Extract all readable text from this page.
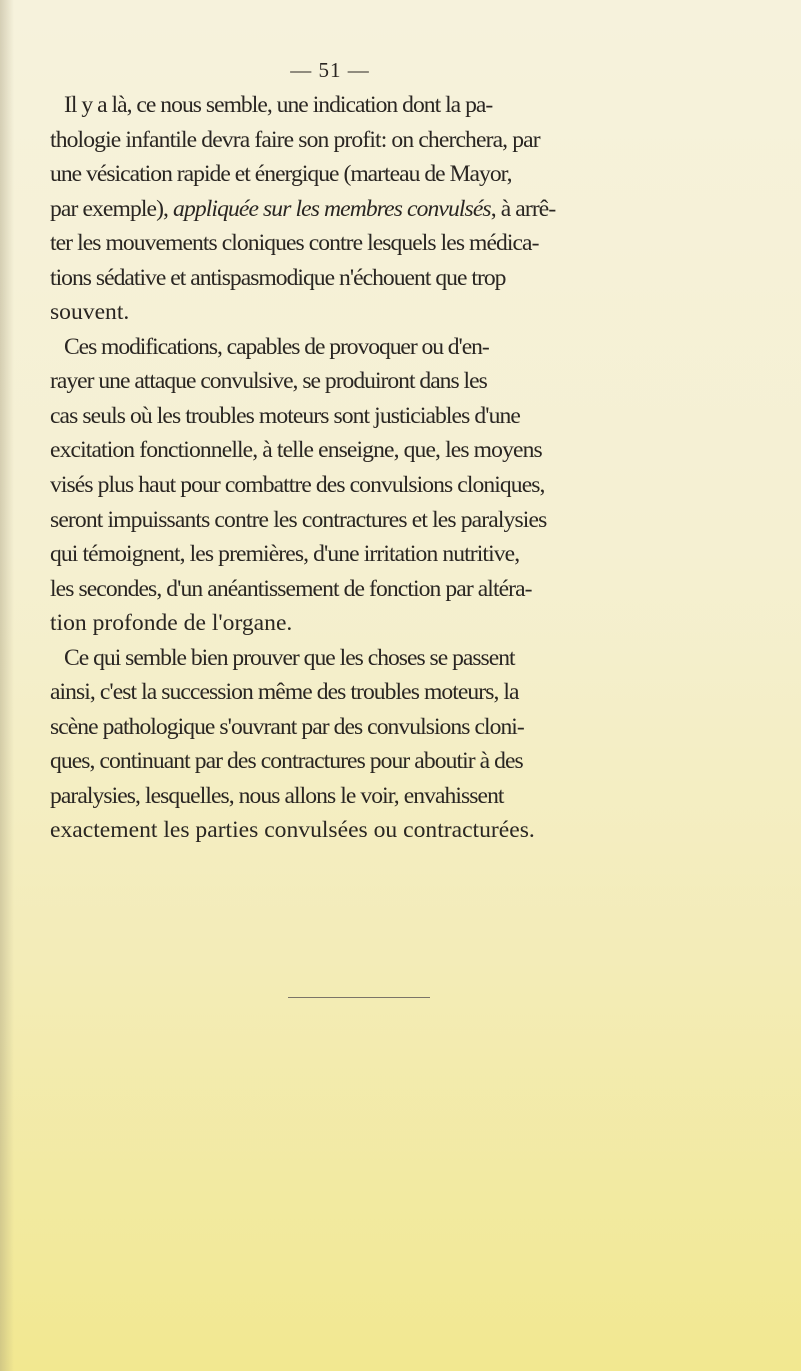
— 51 —
Il y a là, ce nous semble, une indication dont la pa-
thologie infantile devra faire son profit: on cherchera, par
une vésication rapide et énergique (marteau de Mayor,
par exemple), appliquée sur les membres convulsés, à arrê-
ter les mouvements cloniques contre lesquels les médica-
tions sédative et antispasmodique n'échouent que trop
souvent.
Ces modifications, capables de provoquer ou d'en-
rayer une attaque convulsive, se produiront dans les
cas seuls où les troubles moteurs sont justiciables d'une
excitation fonctionnelle, à telle enseigne, que, les moyens
visés plus haut pour combattre des convulsions cloniques,
seront impuissants contre les contractures et les paralysies
qui témoignent, les premières, d'une irritation nutritive,
les secondes, d'un anéantissement de fonction par altéra-
tion profonde de l'organe.
Ce qui semble bien prouver que les choses se passent
ainsi, c'est la succession même des troubles moteurs, la
scène pathologique s'ouvrant par des convulsions cloni-
ques, continuant par des contractures pour aboutir à des
paralysies, lesquelles, nous allons le voir, envahissent
exactement les parties convulsées ou contracturées.
